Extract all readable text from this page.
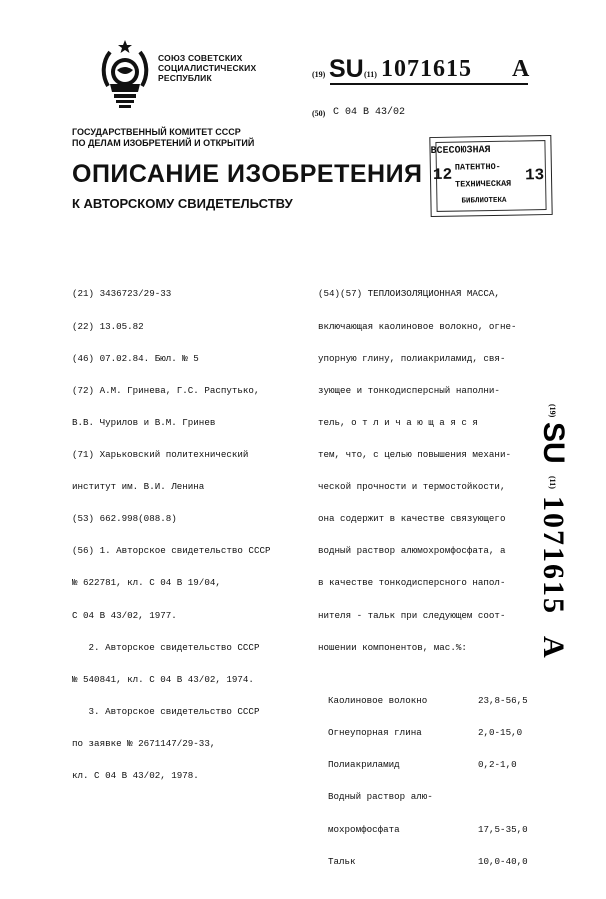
СОЮЗ СОВЕТСКИХ
СОЦИАЛИСТИЧЕСКИХ
РЕСПУБЛИК	(19) SU (11) 1071615 A
(50) С 04 В 43/02
ГОСУДАРСТВЕННЫЙ КОМИТЕТ СССР
ПО ДЕЛАМ ИЗОБРЕТЕНИЙ И ОТКРЫТИЙ
ОПИСАНИЕ ИЗОБРЕТЕНИЯ
К АВТОРСКОМУ СВИДЕТЕЛЬСТВУ
12	13
ВСЕСОЮЗНАЯ
ПАТЕНТНО-
ТЕХНИЧЕСКАЯ
БИБЛИОТЕКА

(21) 3436723/29-33

(22) 13.05.82

(46) 07.02.84. Бюл. № 5

(72) А.М. Гринева, Г.С. Распутько,

В.В. Чурилов и В.М. Гринев

(71) Харьковский политехнический

институт им. В.И. Ленина

(53) 662.998(088.8)

(56) 1. Авторское свидетельство СССР

№ 622781, кл. С 04 В 19/04,

С 04 В 43/02, 1977.

2. Авторское свидетельство СССР

№ 540841, кл. С 04 В 43/02, 1974.

3. Авторское свидетельство СССР

по заявке № 2671147/29-33,

кл. С 04 В 43/02, 1978.

(54)(57) ТЕПЛОИЗОЛЯЦИОННАЯ МАССА,

включающая каолиновое волокно, огне-

упорную глину, полиакриламид, свя-

зующее и тонкодисперсный наполни-

тель, о т л и ч а ю щ а я с я

тем, что, с целью повышения механи-

ческой прочности и термостойкости,

она содержит в качестве связующего

водный раствор алюмохромфосфата, а

в качестве тонкодисперсного напол-

нителя - тальк при следующем соот-

ношении компонентов, мас.%:

Каолиновое волокно	23,8-56,5

Огнеупорная глина	2,0-15,0

Полиакриламид	0,2-1,0

Водный раствор алю-

мохромфосфата	17,5-35,0

Тальк	10,0-40,0

(19)
SU
(11)
1071615
A
